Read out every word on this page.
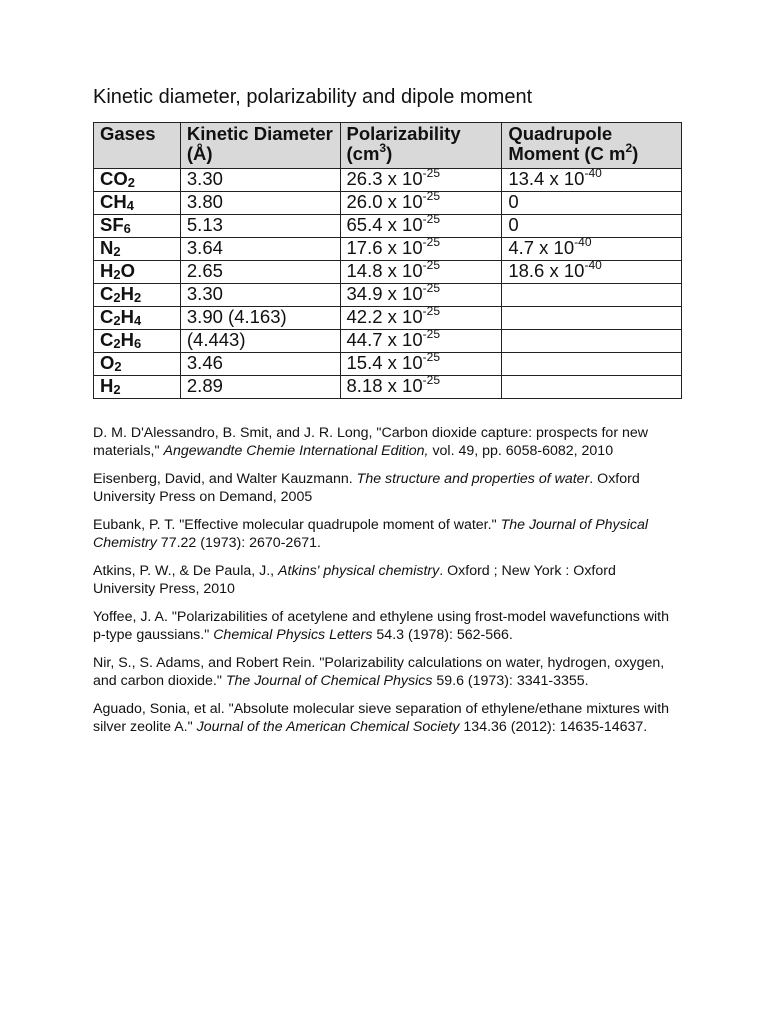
Kinetic diameter, polarizability and dipole moment
Gases	Kinetic Diameter (Å)	Polarizability $(cm^3)$	Quadrupole Moment (C $m^2$)
$CO_2$	3.30	26.3 x $10^{-25}$	13.4 x $10^{-40}$
$CH_4$	3.80	26.0 x $10^{-25}$	0
$SF_6$	5.13	65.4 x $10^{-25}$	0
$N_2$	3.64	17.6 x $10^{-25}$	4.7 x $10^{-40}$
$H_2O$	2.65	14.8 x $10^{-25}$	18.6 x $10^{-40}$
$C_2H_2$	3.30	34.9 x $10^{-25}$	
$C_2H_4$	3.90 (4.163)	42.2 x $10^{-25}$	
$C_2H_6$	(4.443)	44.7 x $10^{-25}$	
$O_2$	3.46	15.4 x $10^{-25}$	
$H_2$	2.89	8.18 x $10^{-25}$	

D. M. D'Alessandro, B. Smit, and J. R. Long, "Carbon dioxide capture: prospects for new materials," Angewandte Chemie International Edition, vol. 49, pp. 6058-6082, 2010

Eisenberg, David, and Walter Kauzmann. The structure and properties of water. Oxford University Press on Demand, 2005

Eubank, P. T. "Effective molecular quadrupole moment of water." The Journal of Physical Chemistry 77.22 (1973): 2670-2671.

Atkins, P. W., & De Paula, J., Atkins' physical chemistry. Oxford ; New York : Oxford University Press, 2010

Yoffee, J. A. "Polarizabilities of acetylene and ethylene using frost-model wavefunctions with p-type gaussians." Chemical Physics Letters 54.3 (1978): 562-566.

Nir, S., S. Adams, and Robert Rein. "Polarizability calculations on water, hydrogen, oxygen, and carbon dioxide." The Journal of Chemical Physics 59.6 (1973): 3341-3355.

Aguado, Sonia, et al. "Absolute molecular sieve separation of ethylene/ethane mixtures with silver zeolite A." Journal of the American Chemical Society 134.36 (2012): 14635-14637.
